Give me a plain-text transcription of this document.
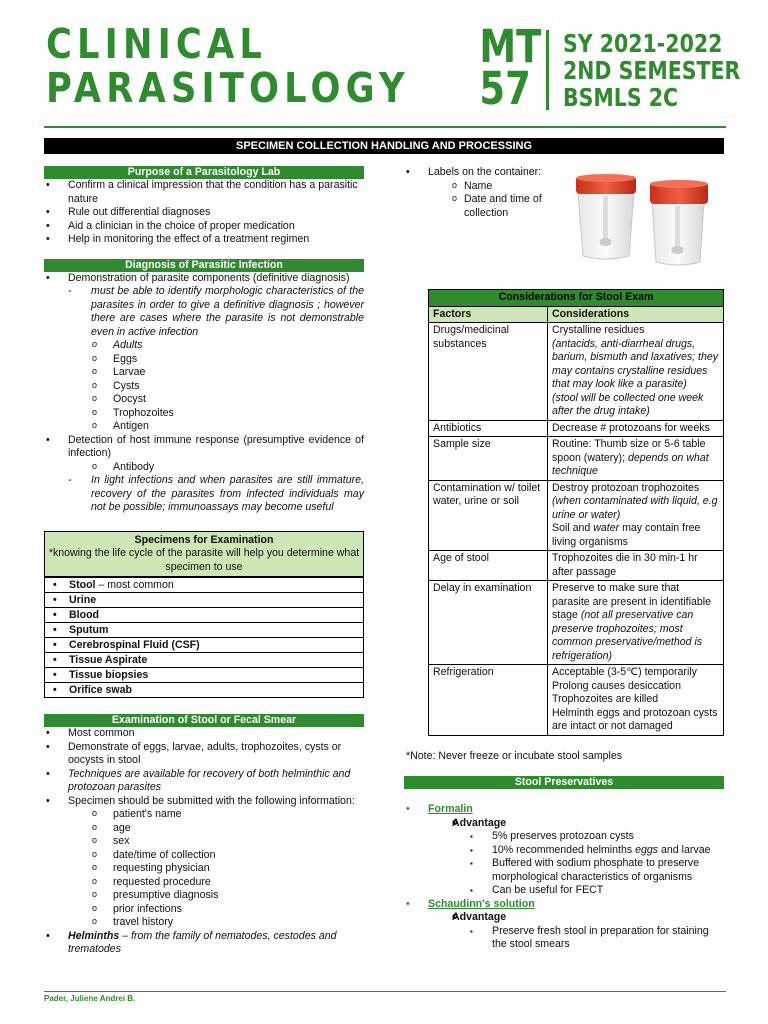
CLINICAL
PARASITOLOGY
MT
57
SY 2021-2022
2ND SEMESTER
BSMLS 2C
SPECIMEN COLLECTION HANDLING AND PROCESSING
Purpose of a Parasitology Lab
• Confirm a clinical impression that the condition has a parasitic nature
• Rule out differential diagnoses
• Aid a clinician in the choice of proper medication
• Help in monitoring the effect of a treatment regimen
Diagnosis of Parasitic Infection
• Demonstration of parasite components (definitive diagnosis)
- must be able to identify morphologic characteristics of the parasites in order to give a definitive diagnosis ; however there are cases where the parasite is not demonstrable even in active infection
o Adults
o Eggs
o Larvae
o Cysts
o Oocyst
o Trophozoites
o Antigen
• Detection of host immune response (presumptive evidence of infection)
o Antibody
- In light infections and when parasites are still immature, recovery of the parasites from infected individuals may not be possible; immunoassays may become useful
Specimens for Examination
*knowing the life cycle of the parasite will help you determine what specimen to use
• Stool – most common
• Urine
• Blood
• Sputum
• Cerebrospinal Fluid (CSF)
• Tissue Aspirate
• Tissue biopsies
• Orifice swab
Examination of Stool or Fecal Smear
• Most common
• Demonstrate of eggs, larvae, adults, trophozoites, cysts or oocysts in stool
• Techniques are available for recovery of both helminthic and protozoan parasites
• Specimen should be submitted with the following information:
o patient's name
o age
o sex
o date/time of collection
o requesting physician
o requested procedure
o presumptive diagnosis
o prior infections
o travel history
• Helminths – from the family of nematodes, cestodes and trematodes
• Labels on the container:
o Name
o Date and time of collection
Considerations for Stool Exam	
Factors	Considerations
Drugs/medicinal substances	Crystalline residues
(antacids, anti-diarrheal drugs, barium, bismuth and laxatives; they may contains crystalline residues that may look like a parasite)
(stool will be collected one week after the drug intake)

Antibiotics	Decrease # protozoans for weeks
Sample size	Routine: Thumb size or 5-6 table spoon (watery); depends on what technique
Contamination w/ toilet water, urine or soil	Destroy protozoan trophozoites (when contaminated with liquid, e.g urine or water)
Soil and water may contain free living organisms

Age of stool	Trophozoites die in 30 min-1 hr after passage
Delay in examination	Preserve to make sure that parasite are present in identifiable stage (not all preservative can preserve trophozoites; most common preservative/method is refrigeration)
Refrigeration	Acceptable (3-5℃) temporarily
Prolong causes desiccation
Trophozoites are killed
Helminth eggs and protozoan cysts are intact or not damaged
*Note: Never freeze or incubate stool samples
Stool Preservatives
• Formalin
o Advantage
▪ 5% preserves protozoan cysts
▪ 10% recommended helminths eggs and larvae
▪ Buffered with sodium phosphate to preserve morphological characteristics of organisms
▪ Can be useful for FECT
• Schaudinn's solution
o Advantage
▪ Preserve fresh stool in preparation for staining the stool smears
Pader, Juliene Andrei B.
